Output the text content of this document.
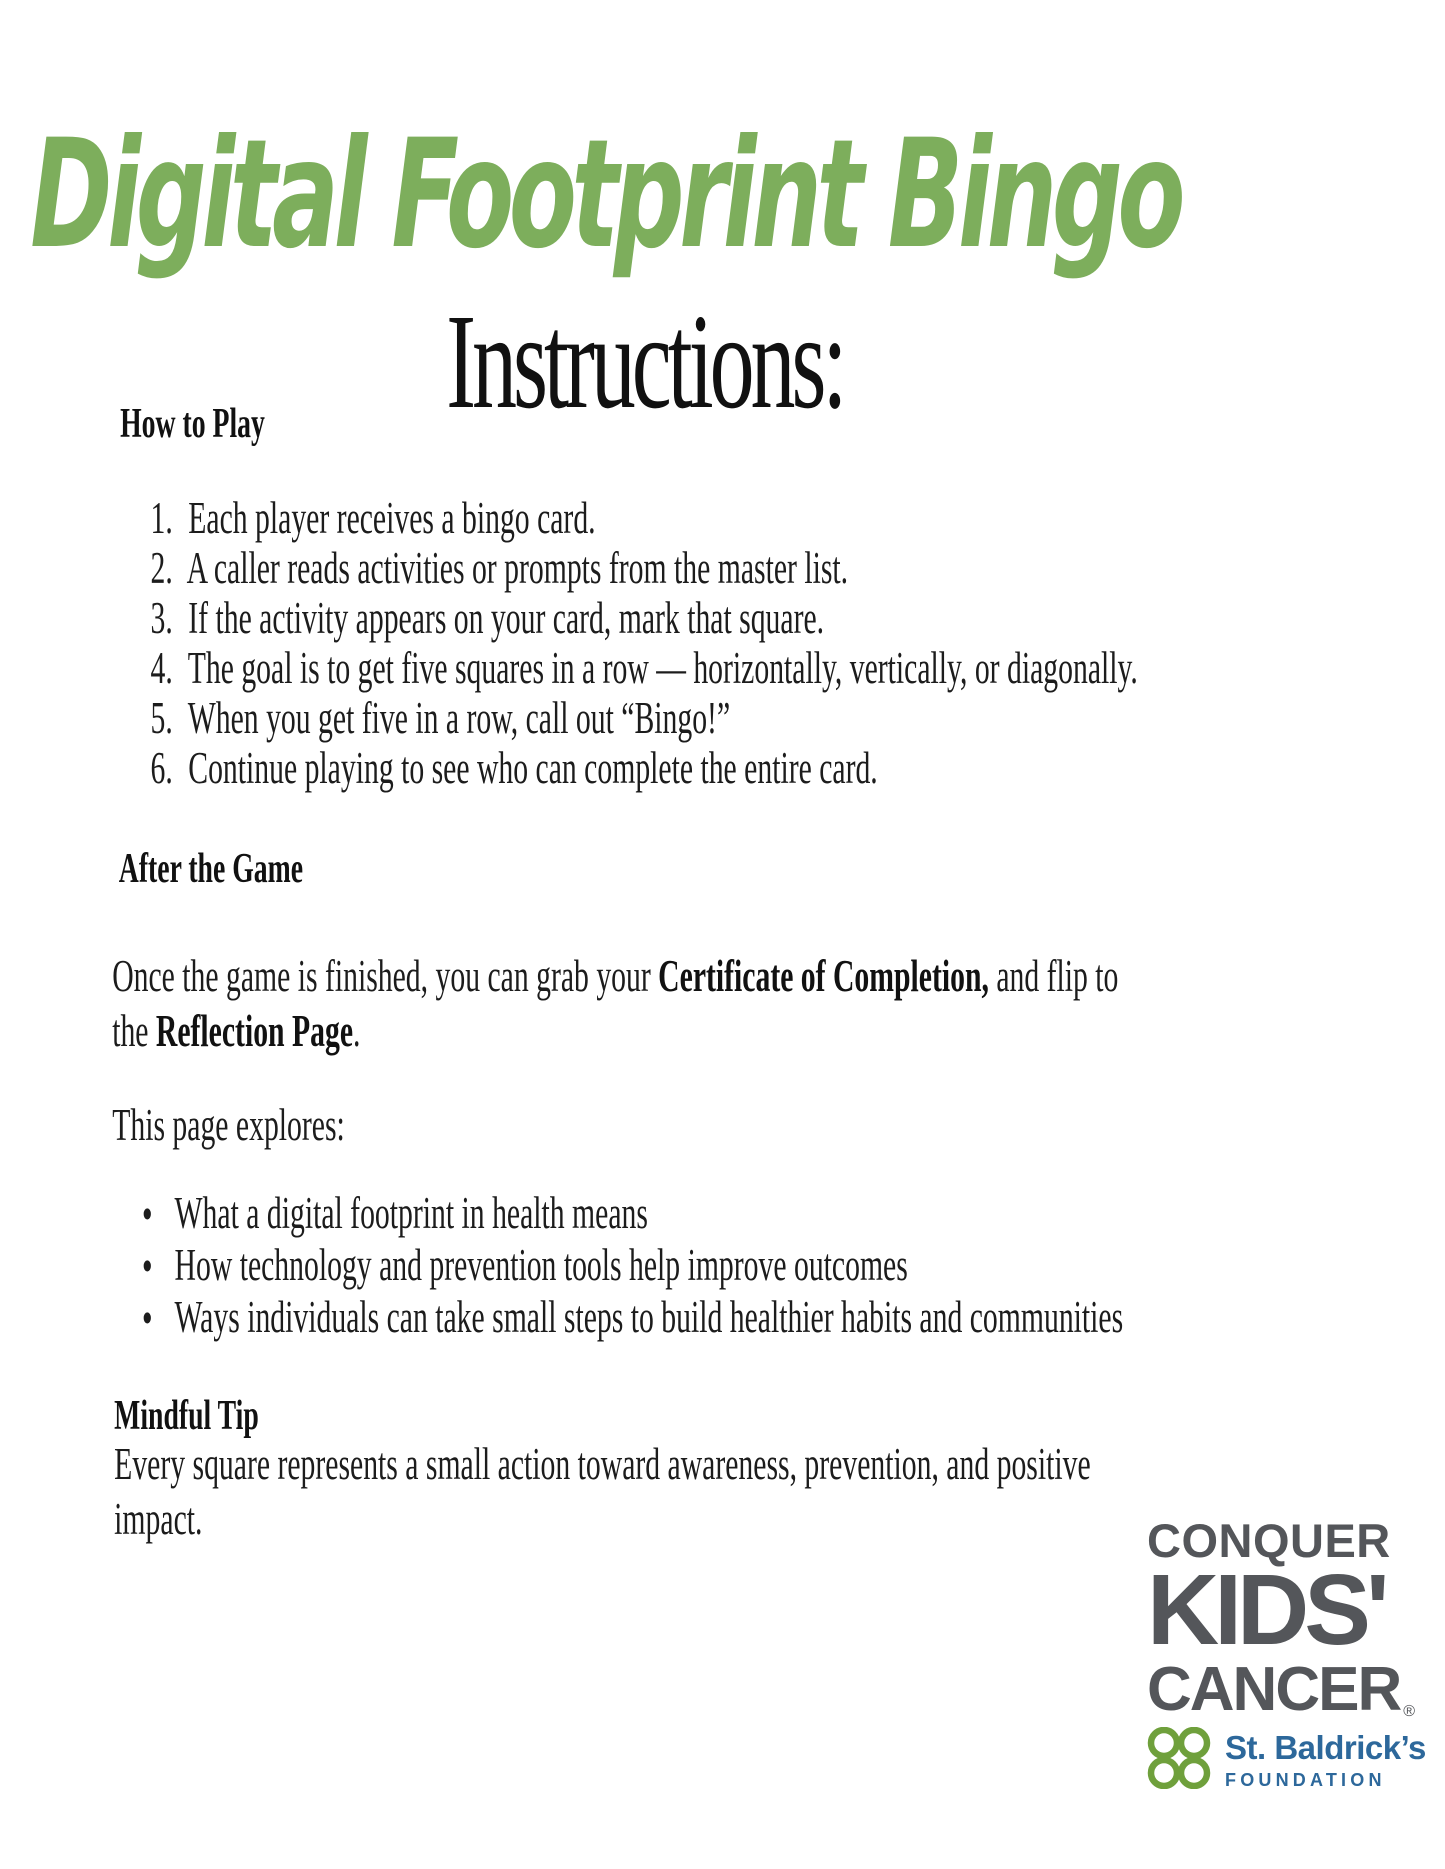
Digital Footprint Bingo
Instructions:
How to Play
1. Each player receives a bingo card.
2. A caller reads activities or prompts from the master list.
3. If the activity appears on your card, mark that square.
4. The goal is to get five squares in a row — horizontally, vertically, or diagonally.
5. When you get five in a row, call out “Bingo!”
6. Continue playing to see who can complete the entire card.
After the Game
Once the game is finished, you can grab your Certificate of Completion, and flip to
the Reflection Page.
This page explores:
• What a digital footprint in health means
• How technology and prevention tools help improve outcomes
• Ways individuals can take small steps to build healthier habits and communities
Mindful Tip
Every square represents a small action toward awareness, prevention, and positive
impact.	CONQUER
KIDS'
CANCER ®
St. Baldrick’s
FOUNDATION
